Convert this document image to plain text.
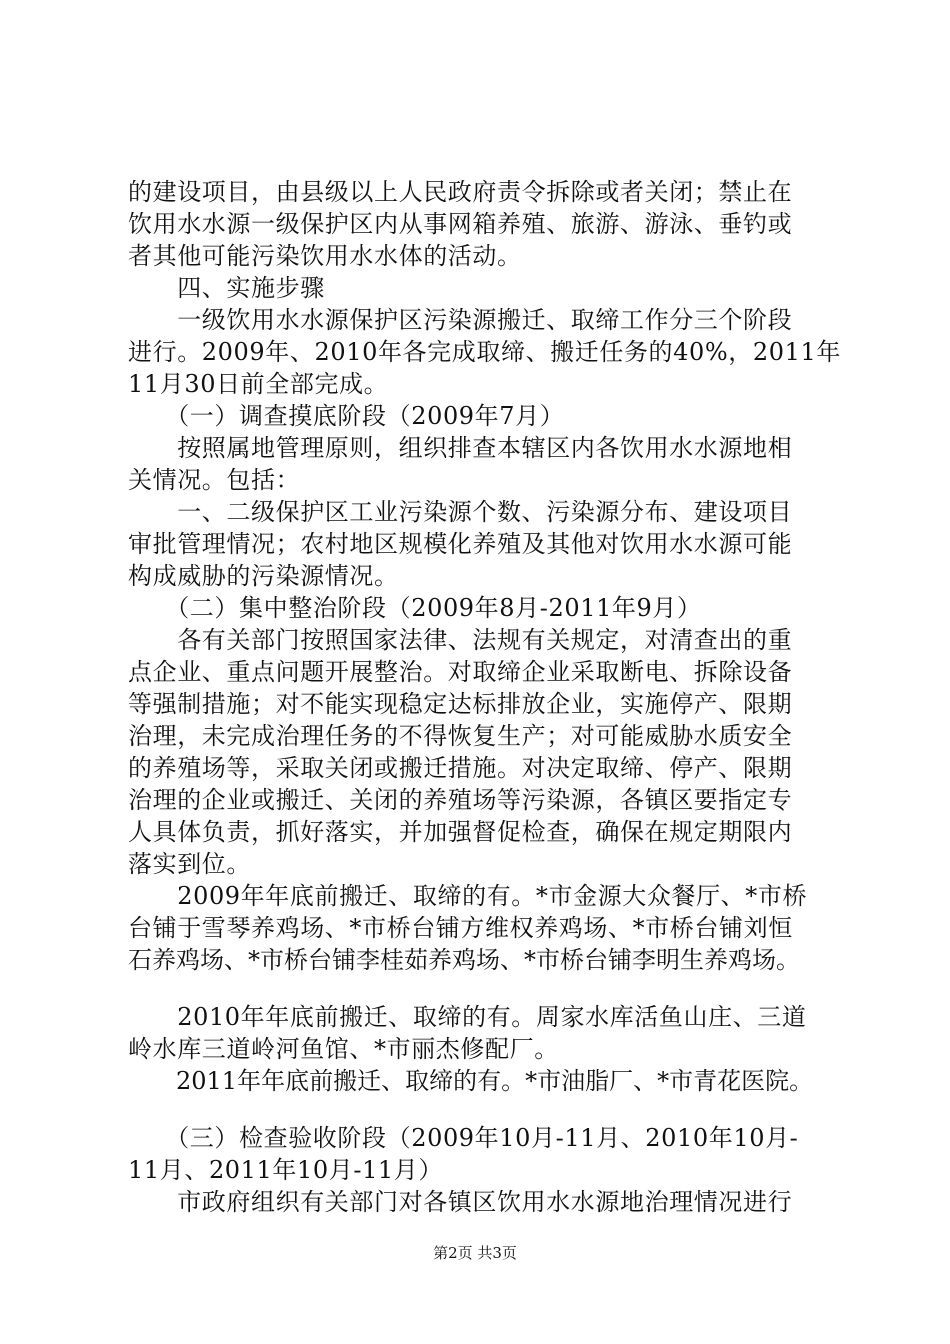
的建设项目，由县级以上人民政府责令拆除或者关闭；禁止在
饮用水水源一级保护区内从事网箱养殖、旅游、游泳、垂钓或
者其他可能污染饮用水水体的活动。
　　四、实施步骤
　　一级饮用水水源保护区污染源搬迁、取缔工作分三个阶段
进行。2009年、2010年各完成取缔、搬迁任务的40%，2011年
11月30日前全部完成。
　　（一）调查摸底阶段（2009年7月）
　　按照属地管理原则，组织排查本辖区内各饮用水水源地相
关情况。包括：
　　一、二级保护区工业污染源个数、污染源分布、建设项目
审批管理情况；农村地区规模化养殖及其他对饮用水水源可能
构成威胁的污染源情况。
　　（二）集中整治阶段（2009年8月-2011年9月）
　　各有关部门按照国家法律、法规有关规定，对清查出的重
点企业、重点问题开展整治。对取缔企业采取断电、拆除设备
等强制措施；对不能实现稳定达标排放企业，实施停产、限期
治理，未完成治理任务的不得恢复生产；对可能威胁水质安全
的养殖场等，采取关闭或搬迁措施。对决定取缔、停产、限期
治理的企业或搬迁、关闭的养殖场等污染源，各镇区要指定专
人具体负责，抓好落实，并加强督促检查，确保在规定期限内
落实到位。
　　2009年年底前搬迁、取缔的有。*市金源大众餐厅、*市桥
台铺于雪琴养鸡场、*市桥台铺方维权养鸡场、*市桥台铺刘恒
石养鸡场、*市桥台铺李桂茹养鸡场、*市桥台铺李明生养鸡场。
　　2010年年底前搬迁、取缔的有。周家水库活鱼山庄、三道
岭水库三道岭河鱼馆、*市丽杰修配厂。
　　2011年年底前搬迁、取缔的有。*市油脂厂、*市青花医院。
　　（三）检查验收阶段（2009年10月-11月、2010年10月-
11月、2011年10月-11月）
　　市政府组织有关部门对各镇区饮用水水源地治理情况进行
第2页 共3页
